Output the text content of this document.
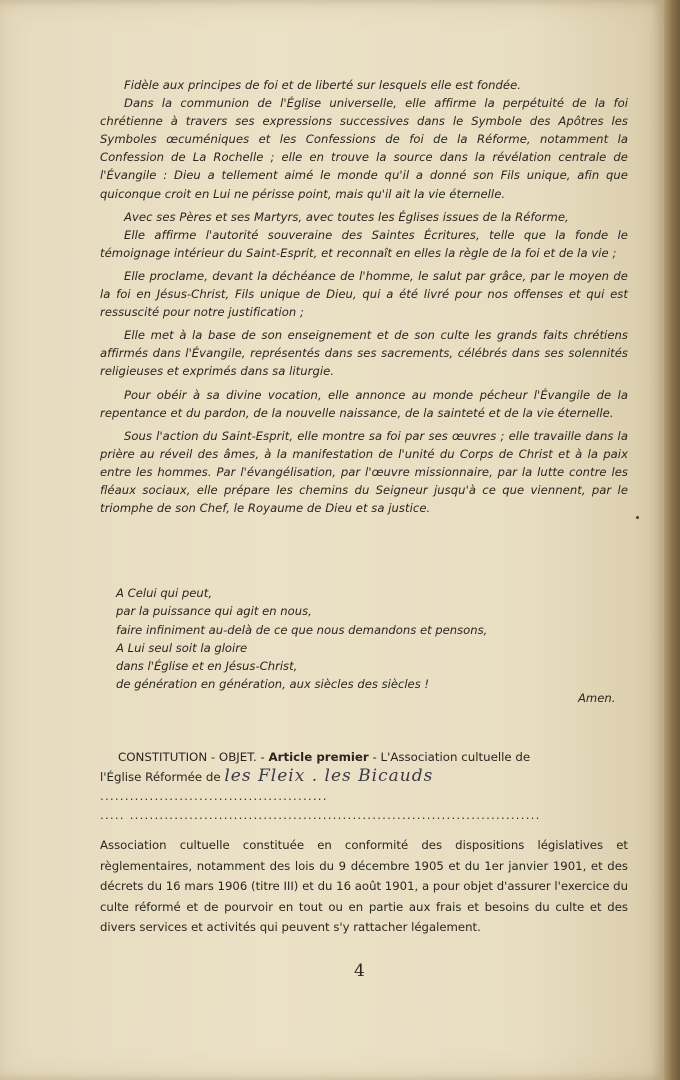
Fidèle aux principes de foi et de liberté sur lesquels elle est fondée.

Dans la communion de l'Église universelle, elle affirme la perpétuité de la foi chrétienne à travers ses expressions successives dans le Symbole des Apôtres les Symboles œcuméniques et les Confessions de foi de la Réforme, notamment la Confession de La Rochelle ; elle en trouve la source dans la révélation centrale de l'Évangile : Dieu a tellement aimé le monde qu'il a donné son Fils unique, afin que quiconque croit en Lui ne périsse point, mais qu'il ait la vie éternelle.

Avec ses Pères et ses Martyrs, avec toutes les Églises issues de la Réforme,

Elle affirme l'autorité souveraine des Saintes Écritures, telle que la fonde le témoignage intérieur du Saint-Esprit, et reconnaît en elles la règle de la foi et de la vie ;

Elle proclame, devant la déchéance de l'homme, le salut par grâce, par le moyen de la foi en Jésus-Christ, Fils unique de Dieu, qui a été livré pour nos offenses et qui est ressuscité pour notre justification ;

Elle met à la base de son enseignement et de son culte les grands faits chrétiens affirmés dans l'Évangile, représentés dans ses sacrements, célébrés dans ses solennités religieuses et exprimés dans sa liturgie.

Pour obéir à sa divine vocation, elle annonce au monde pécheur l'Évangile de la repentance et du pardon, de la nouvelle naissance, de la sainteté et de la vie éternelle.

Sous l'action du Saint-Esprit, elle montre sa foi par ses œuvres ; elle travaille dans la prière au réveil des âmes, à la manifestation de l'unité du Corps de Christ et à la paix entre les hommes. Par l'évangélisation, par l'œuvre missionnaire, par la lutte contre les fléaux sociaux, elle prépare les chemins du Seigneur jusqu'à ce que viennent, par le triomphe de son Chef, le Royaume de Dieu et sa justice.

A Celui qui peut,
par la puissance qui agit en nous,
faire infiniment au-delà de ce que nous demandons et pensons,
A Lui seul soit la gloire
dans l'Église et en Jésus-Christ,
de génération en génération, aux siècles des siècles !
Amen.
CONSTITUTION - OBJET. - Article premier - L'Association cultuelle de
l'Église Réformée de les Fleix . les Bicauds
..............................................
..... ...................................................................................
Association cultuelle constituée en conformité des dispositions législatives et règlementaires, notamment des lois du 9 décembre 1905 et du 1er janvier 1901, et des décrets du 16 mars 1906 (titre III) et du 16 août 1901, a pour objet d'assurer l'exercice du culte réformé et de pourvoir en tout ou en partie aux frais et besoins du culte et des divers services et activités qui peuvent s'y rattacher légalement.
4
